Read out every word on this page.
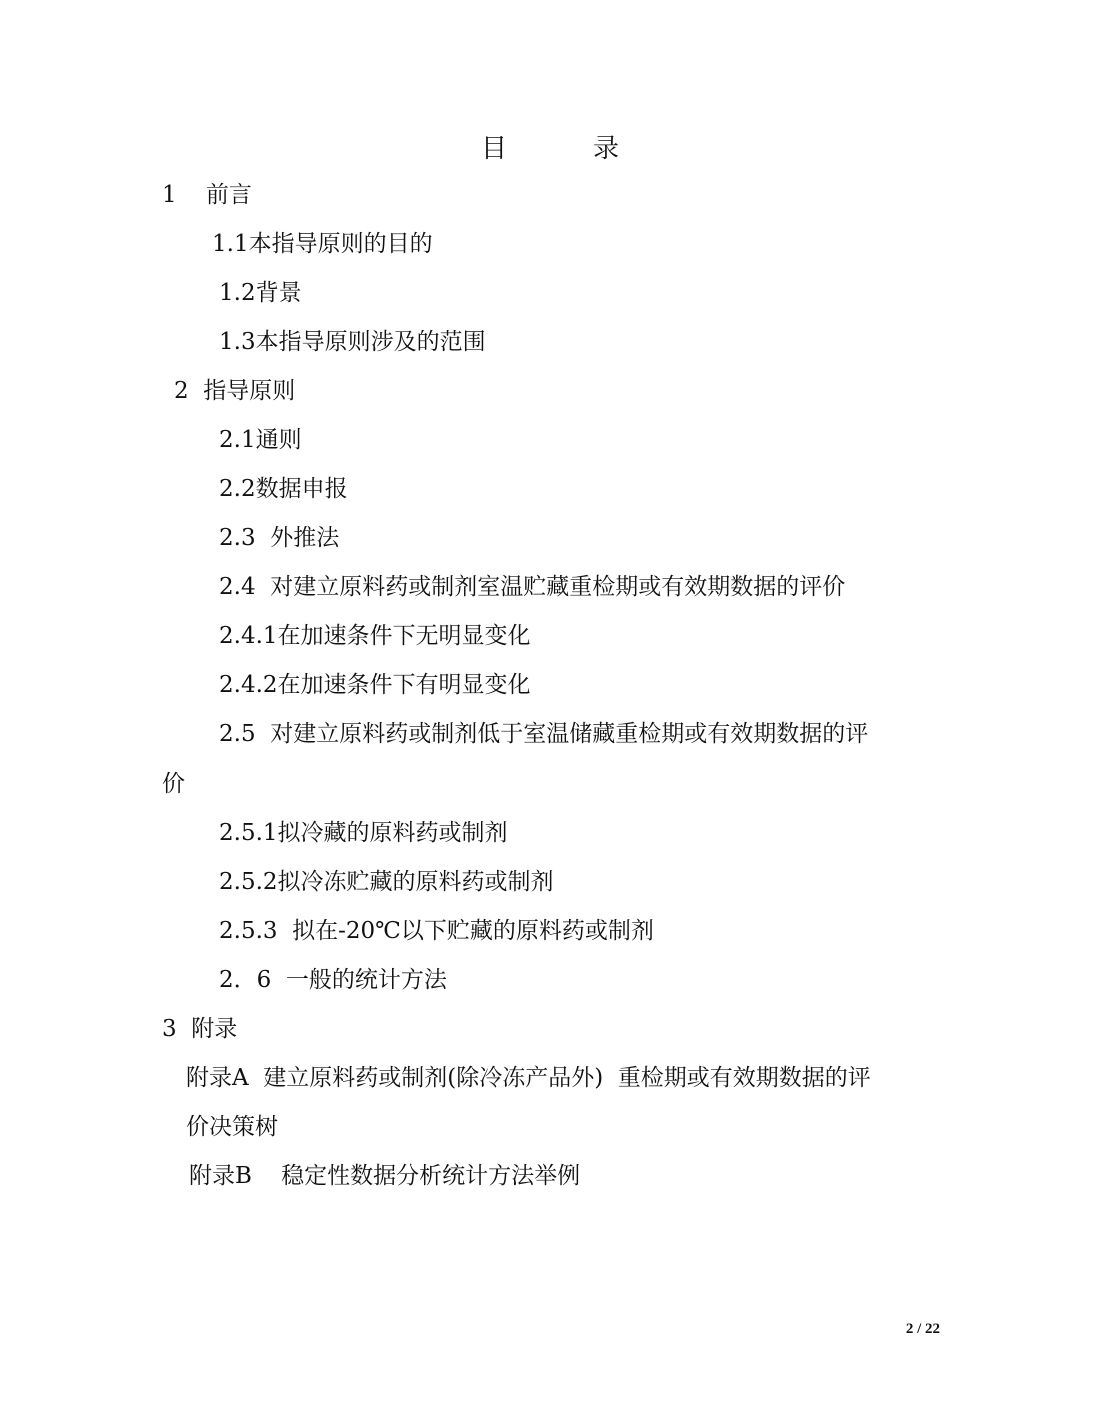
目　录
1    前言
1.1本指导原则的目的
1.2背景
1.3本指导原则涉及的范围
2  指导原则
2.1通则
2.2数据申报
2.3  外推法
2.4  对建立原料药或制剂室温贮藏重检期或有效期数据的评价
2.4.1在加速条件下无明显变化
2.4.2在加速条件下有明显变化
2.5  对建立原料药或制剂低于室温储藏重检期或有效期数据的评
价
2.5.1拟冷藏的原料药或制剂
2.5.2拟冷冻贮藏的原料药或制剂
2.5.3  拟在-20℃以下贮藏的原料药或制剂
2．6  一般的统计方法
3  附录
附录A  建立原料药或制剂(除冷冻产品外)  重检期或有效期数据的评
价决策树
附录B    稳定性数据分析统计方法举例
2 / 22
